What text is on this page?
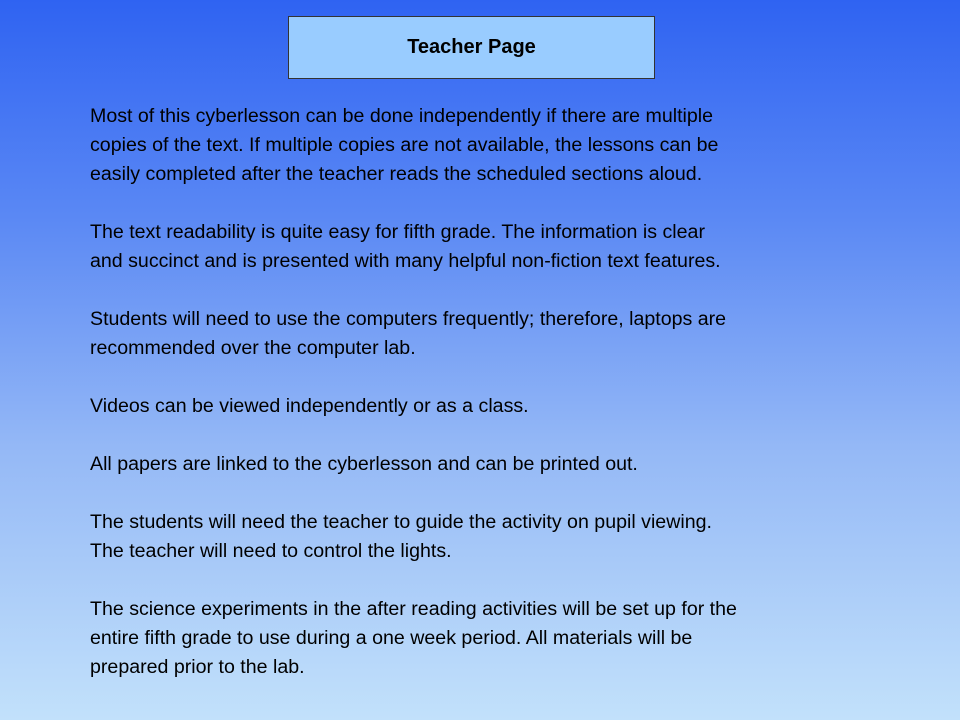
Teacher Page

Most of this cyberlesson can be done independently if there are multiple
copies of the text. If multiple copies are not available, the lessons can be
easily completed after the teacher reads the scheduled sections aloud.

The text readability is quite easy for fifth grade. The information is clear
and succinct and is presented with many helpful non-fiction text features.

Students will need to use the computers frequently; therefore, laptops are
recommended over the computer lab.

Videos can be viewed independently or as a class.

All papers are linked to the cyberlesson and can be printed out.

The students will need the teacher to guide the activity on pupil viewing.
The teacher will need to control the lights.

The science experiments in the after reading activities will be set up for the
entire fifth grade to use during a one week period. All materials will be
prepared prior to the lab.
